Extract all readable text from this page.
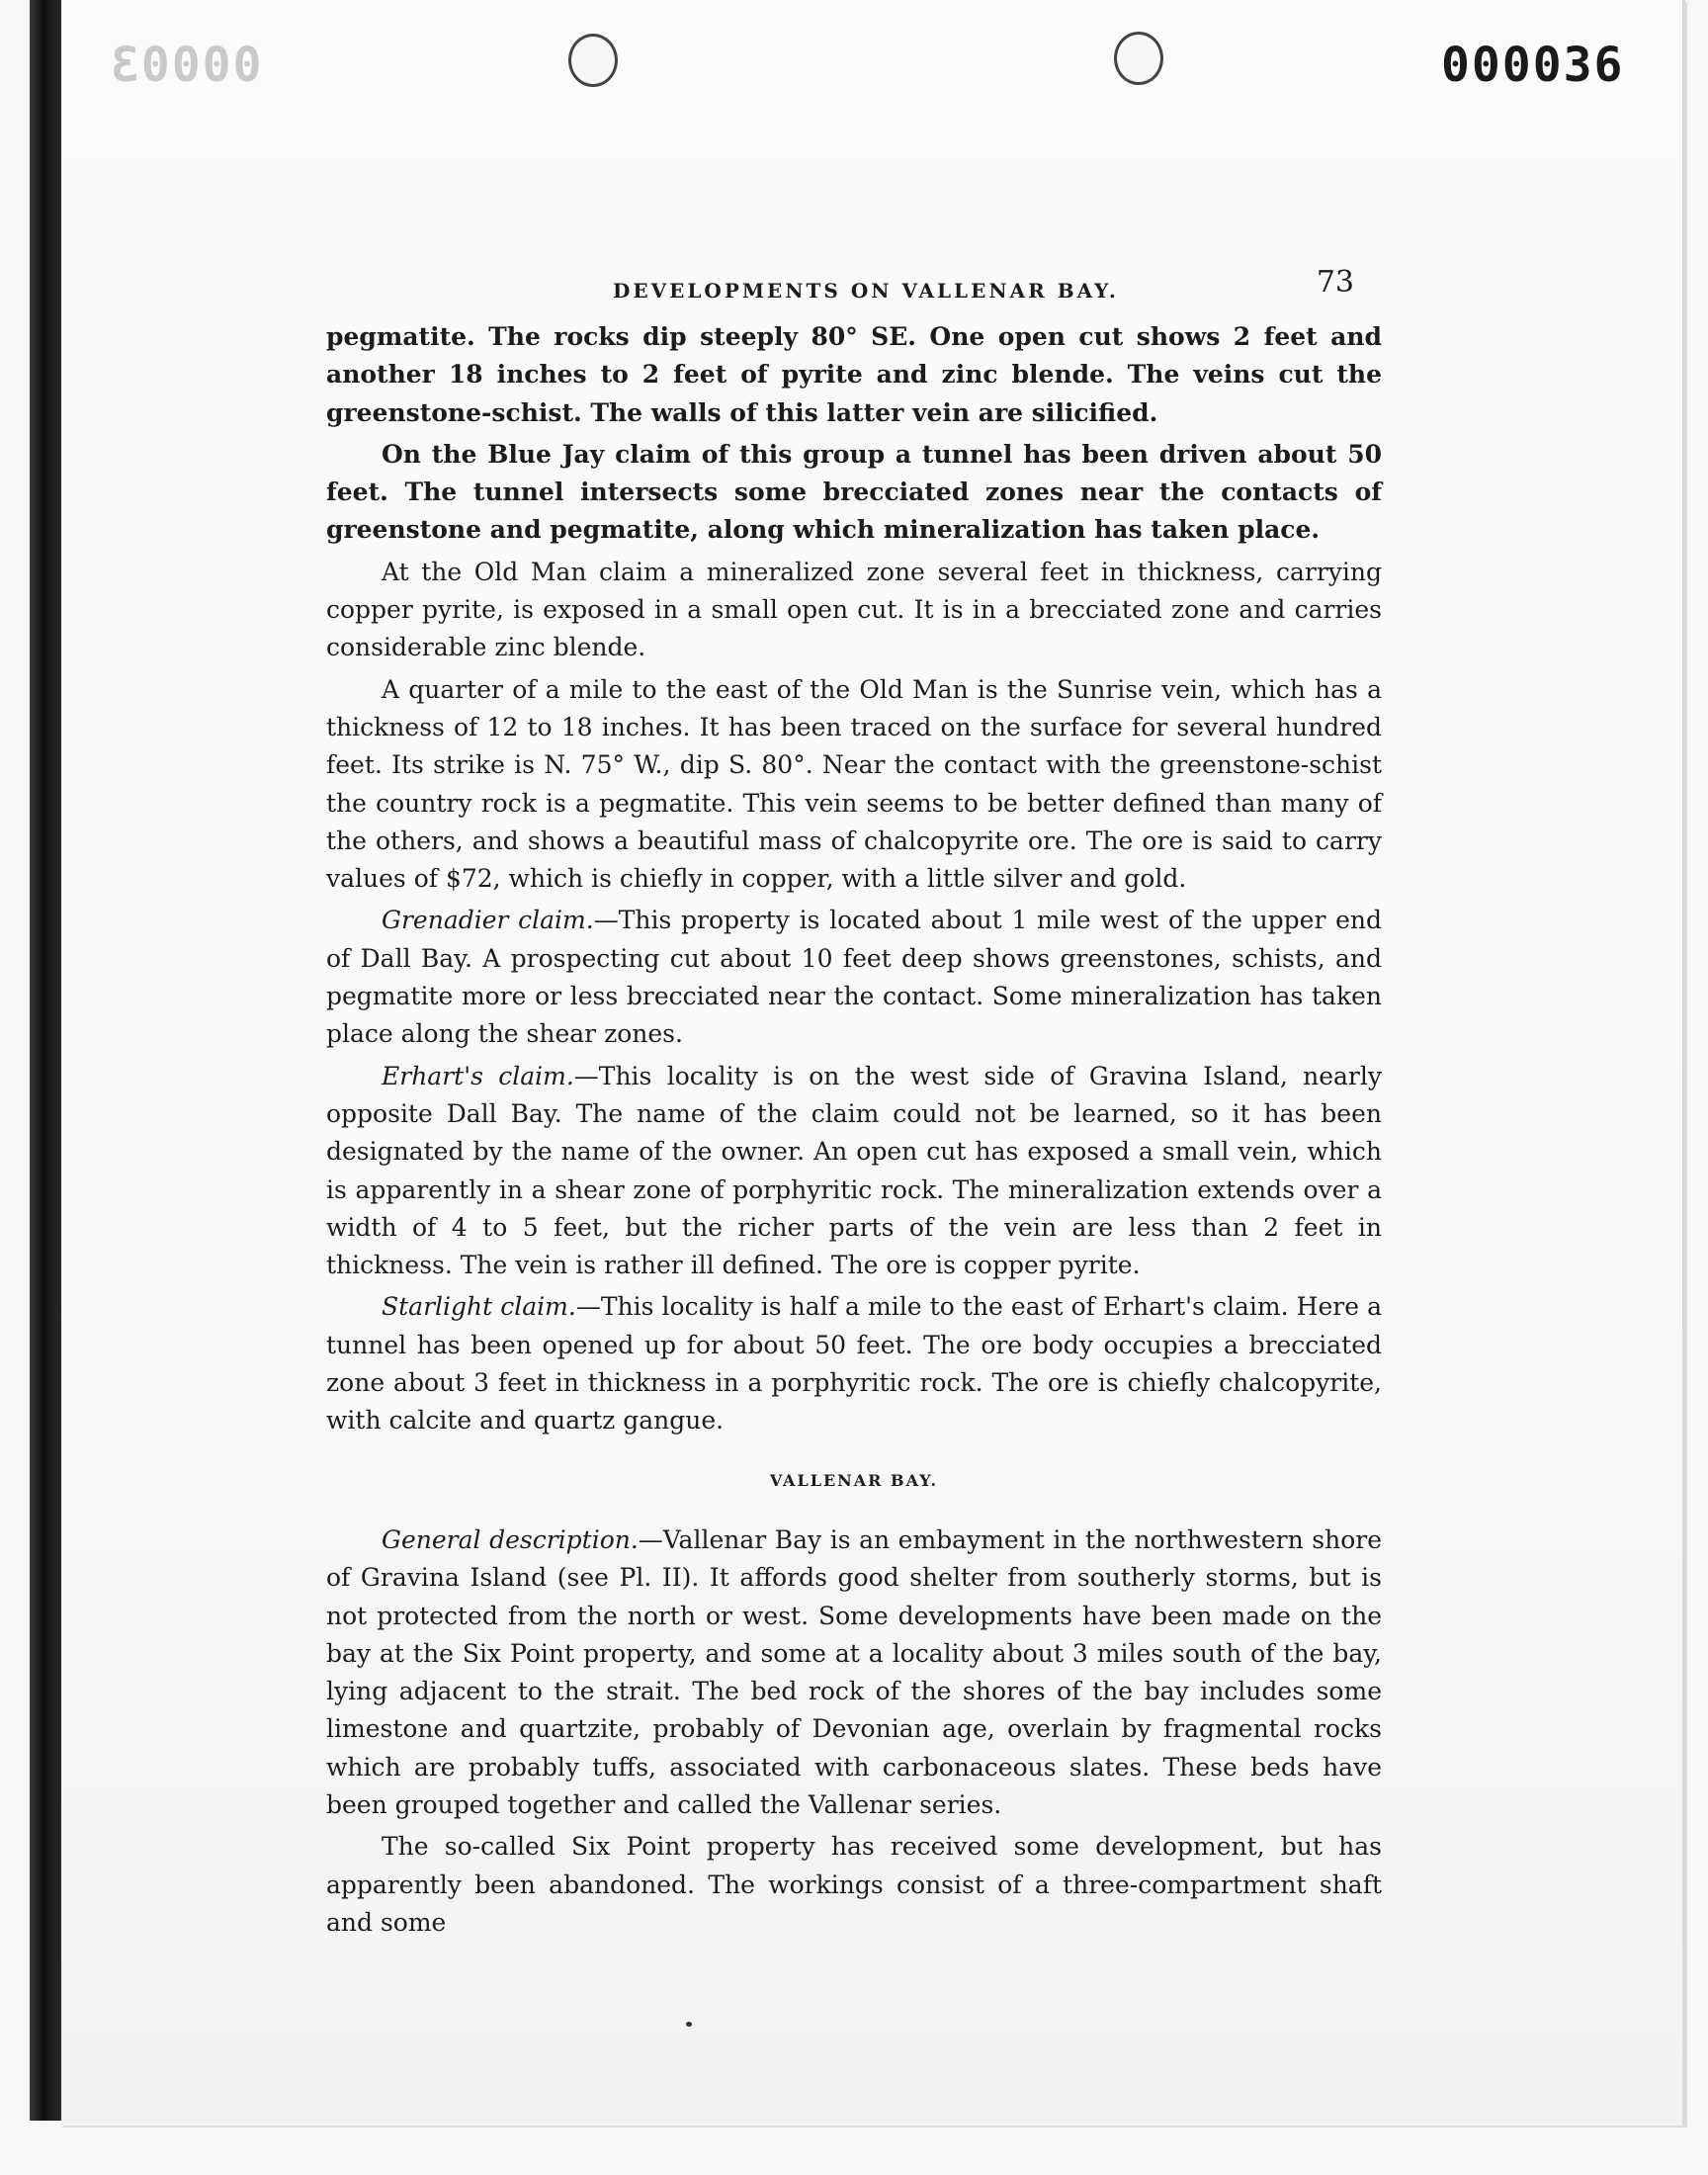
00003	000036
DEVELOPMENTS ON VALLENAR BAY.	73

pegmatite. The rocks dip steeply 80° SE. One open cut shows 2 feet and another 18 inches to 2 feet of pyrite and zinc blende. The veins cut the greenstone-schist. The walls of this latter vein are silicified.

On the Blue Jay claim of this group a tunnel has been driven about 50 feet. The tunnel intersects some brecciated zones near the contacts of greenstone and pegmatite, along which mineralization has taken place.

At the Old Man claim a mineralized zone several feet in thickness, carrying copper pyrite, is exposed in a small open cut. It is in a brecciated zone and carries considerable zinc blende.

A quarter of a mile to the east of the Old Man is the Sunrise vein, which has a thickness of 12 to 18 inches. It has been traced on the surface for several hundred feet. Its strike is N. 75° W., dip S. 80°. Near the contact with the greenstone-schist the country rock is a pegmatite. This vein seems to be better defined than many of the others, and shows a beautiful mass of chalcopyrite ore. The ore is said to carry values of $72, which is chiefly in copper, with a little silver and gold.

Grenadier claim.—This property is located about 1 mile west of the upper end of Dall Bay. A prospecting cut about 10 feet deep shows greenstones, schists, and pegmatite more or less brecciated near the contact. Some mineralization has taken place along the shear zones.

Erhart's claim.—This locality is on the west side of Gravina Island, nearly opposite Dall Bay. The name of the claim could not be learned, so it has been designated by the name of the owner. An open cut has exposed a small vein, which is apparently in a shear zone of porphyritic rock. The mineralization extends over a width of 4 to 5 feet, but the richer parts of the vein are less than 2 feet in thickness. The vein is rather ill defined. The ore is copper pyrite.

Starlight claim.—This locality is half a mile to the east of Erhart's claim. Here a tunnel has been opened up for about 50 feet. The ore body occupies a brecciated zone about 3 feet in thickness in a porphyritic rock. The ore is chiefly chalcopyrite, with calcite and quartz gangue.

VALLENAR BAY.

General description.—Vallenar Bay is an embayment in the northwestern shore of Gravina Island (see Pl. II). It affords good shelter from southerly storms, but is not protected from the north or west. Some developments have been made on the bay at the Six Point property, and some at a locality about 3 miles south of the bay, lying adjacent to the strait. The bed rock of the shores of the bay includes some limestone and quartzite, probably of Devonian age, overlain by fragmental rocks which are probably tuffs, associated with carbonaceous slates. These beds have been grouped together and called the Vallenar series.

The so-called Six Point property has received some development, but has apparently been abandoned. The workings consist of a three-compartment shaft and some
